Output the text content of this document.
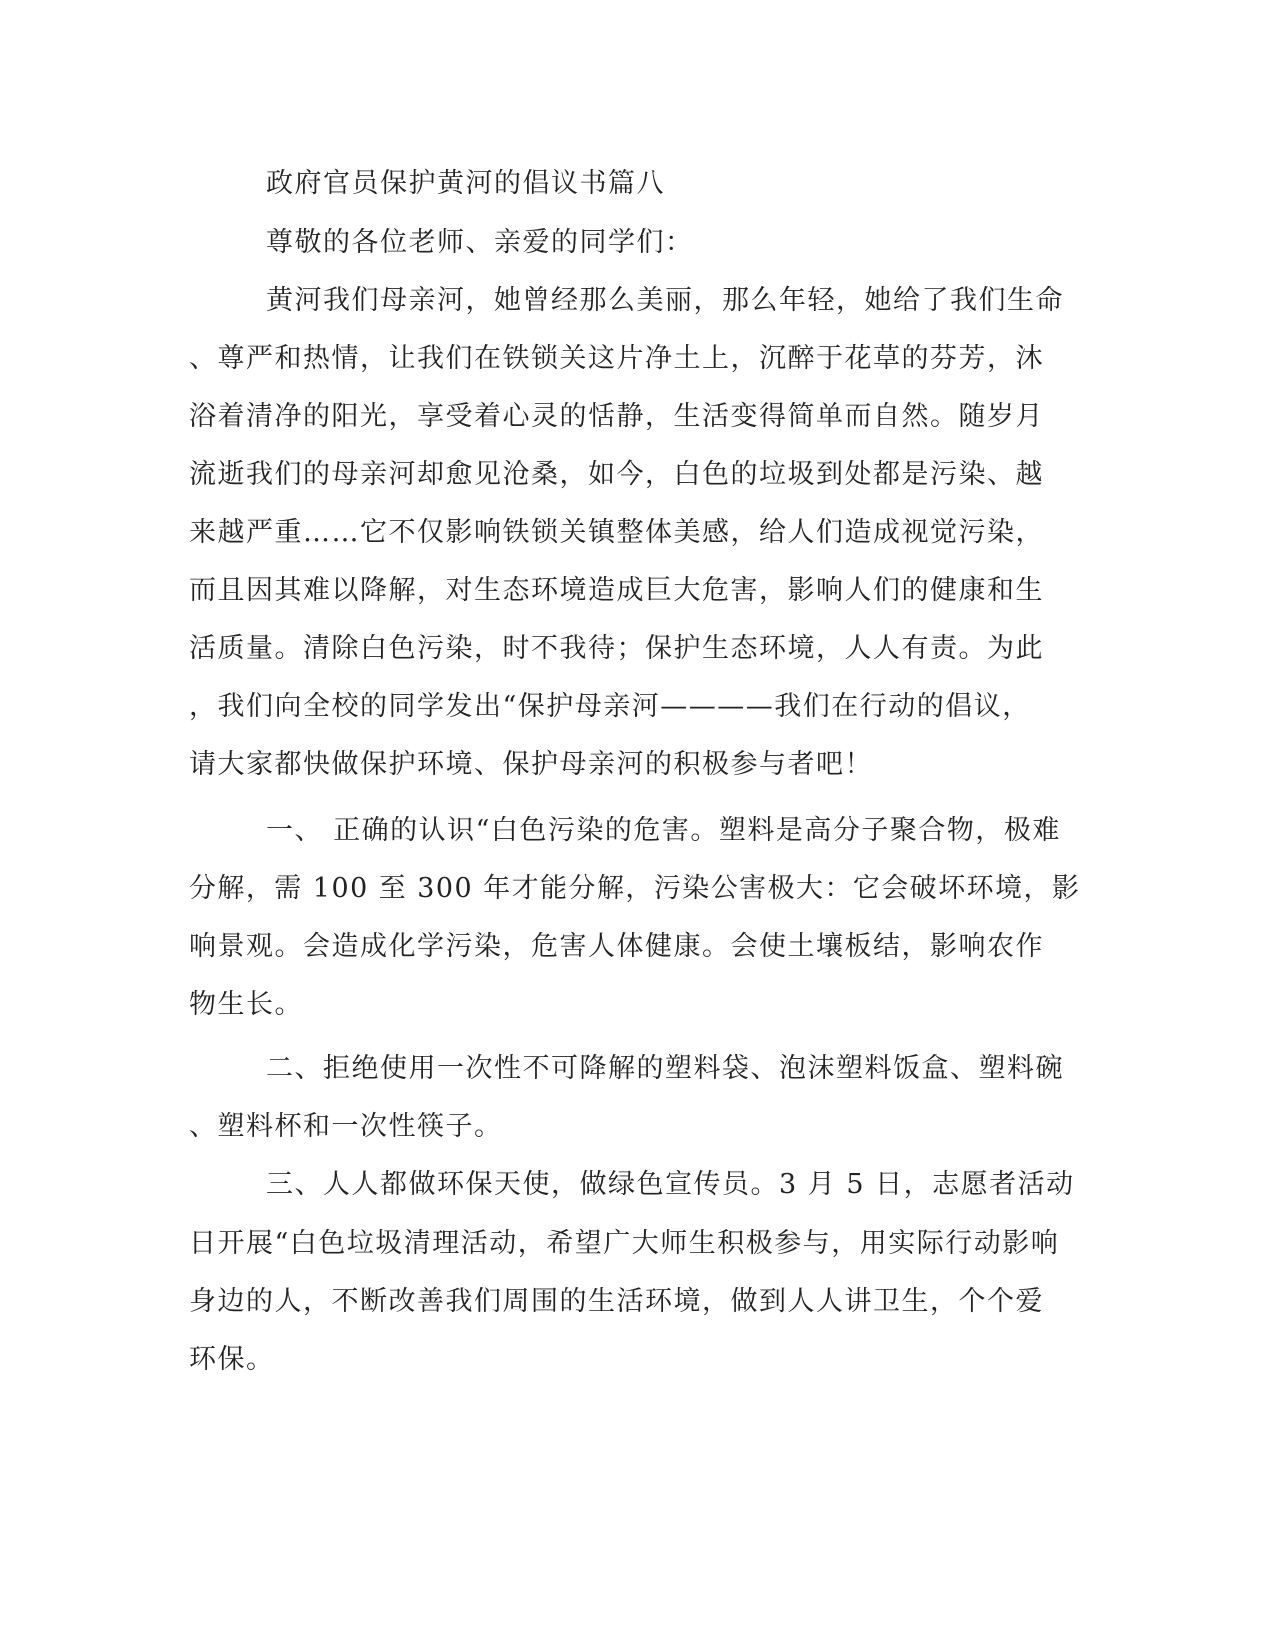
政府官员保护黄河的倡议书篇八
尊敬的各位老师、亲爱的同学们：
黄河我们母亲河，她曾经那么美丽，那么年轻，她给了我们生命
、尊严和热情，让我们在铁锁关这片净土上，沉醉于花草的芬芳，沐
浴着清净的阳光，享受着心灵的恬静，生活变得简单而自然。随岁月
流逝我们的母亲河却愈见沧桑，如今，白色的垃圾到处都是污染、越
来越严重……它不仅影响铁锁关镇整体美感，给人们造成视觉污染，
而且因其难以降解，对生态环境造成巨大危害，影响人们的健康和生
活质量。清除白色污染，时不我待；保护生态环境，人人有责。为此
，我们向全校的同学发出“保护母亲河————我们在行动的倡议，
请大家都快做保护环境、保护母亲河的积极参与者吧！
一、 正确的认识“白色污染的危害。塑料是高分子聚合物，极难
分解，需 100 至 300 年才能分解，污染公害极大：它会破坏环境，影
响景观。会造成化学污染，危害人体健康。会使土壤板结，影响农作
物生长。
二、拒绝使用一次性不可降解的塑料袋、泡沫塑料饭盒、塑料碗
、塑料杯和一次性筷子。
三、人人都做环保天使，做绿色宣传员。3 月 5 日，志愿者活动
日开展“白色垃圾清理活动，希望广大师生积极参与，用实际行动影响
身边的人，不断改善我们周围的生活环境，做到人人讲卫生，个个爱
环保。
